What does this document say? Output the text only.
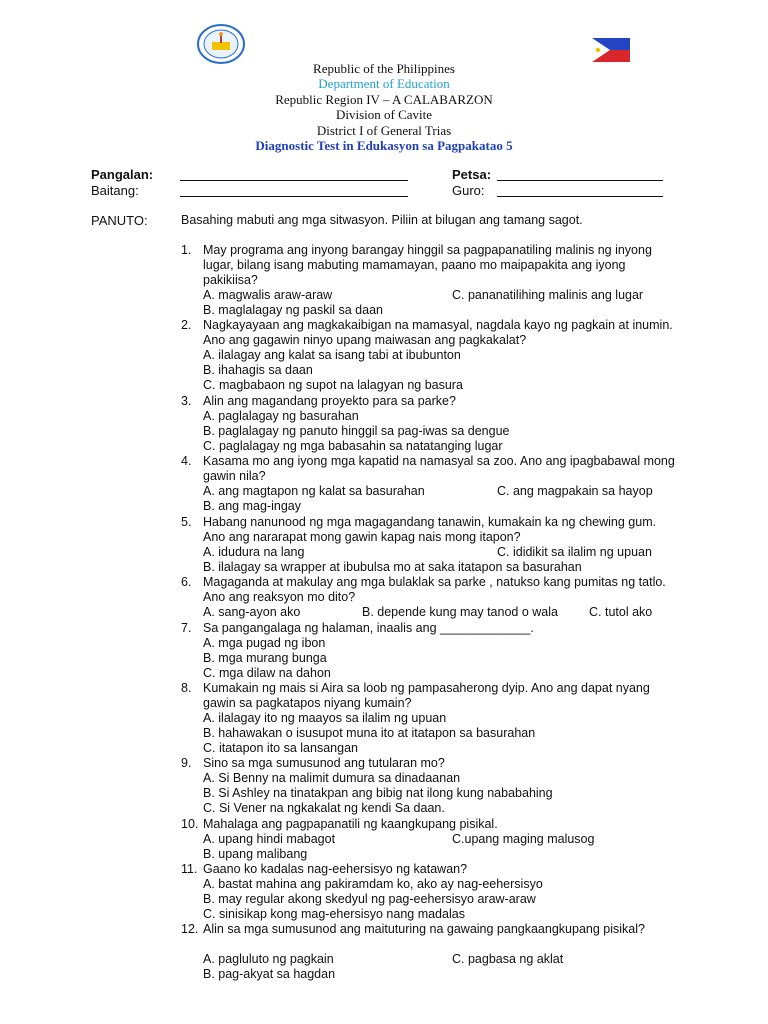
Republic of the Philippines
Department of Education
Republic Region IV – A CALABARZON
Division of Cavite
District I of General Trias
Diagnostic Test in Edukasyon sa Pagpakatao 5
Pangalan:	Petsa:
Baitang:	Guro:
PANUTO:	Basahing mabuti ang mga sitwasyon. Piliin at bilugan ang tamang sagot.
1. May programa ang inyong barangay hinggil sa pagpapanatiling malinis ng inyong lugar, bilang isang mabuting mamamayan, paano mo maipapakita ang iyong pakikiisa?
A. magwalis araw-araw	C. pananatilihing malinis ang lugar
B. maglalagay ng paskil sa daan
2. Nagkayayaan ang magkakaibigan na mamasyal, nagdala kayo ng pagkain at inumin. Ano ang gagawin ninyo upang maiwasan ang pagkakalat?
A. ilalagay ang kalat sa isang tabi at ibubunton
B. ihahagis sa daan
C. magbabaon ng supot na lalagyan ng basura
3. Alin ang magandang proyekto para sa parke?
A. paglalagay ng basurahan
B. paglalagay ng panuto hinggil sa pag-iwas sa dengue
C. paglalagay ng mga babasahin sa natatanging lugar
4. Kasama mo ang iyong mga kapatid na namasyal sa zoo. Ano ang ipagbabawal mong gawin nila?
A. ang magtapon ng kalat sa basurahan	C. ang magpakain sa hayop
B. ang mag-ingay
5. Habang nanunood ng mga magagandang tanawin, kumakain ka ng chewing gum. Ano ang nararapat mong gawin kapag nais mong itapon?
A. idudura na lang	C. ididikit sa ilalim ng upuan
B. ilalagay sa wrapper at ibubulsa mo at saka itatapon sa basurahan
6. Magaganda at makulay ang mga bulaklak sa parke , natukso kang pumitas ng tatlo. Ano ang reaksyon mo dito?
A. sang-ayon ako	B. depende kung may tanod o wala C. tutol ako
7. Sa pangangalaga ng halaman, inaalis ang _____________.
A. mga pugad ng ibon
B. mga murang bunga
C. mga dilaw na dahon
8. Kumakain ng mais si Aira sa loob ng pampasaherong dyip. Ano ang dapat nyang gawin sa pagkatapos niyang kumain?
A. ilalagay ito ng maayos sa ilalim ng upuan
B. hahawakan o isusupot muna ito at itatapon sa basurahan
C. itatapon ito sa lansangan
9. Sino sa mga sumusunod ang tutularan mo?
A. Si Benny na malimit dumura sa dinadaanan
B. Si Ashley na tinatakpan ang bibig nat ilong kung nababahing
C. Si Vener na ngkakalat ng kendi Sa daan.
10. Mahalaga ang pagpapanatili ng kaangkupang pisikal.
A. upang hindi mabagot	C.upang maging malusog
B. upang malibang
11. Gaano ko kadalas nag-eehersisyo ng katawan?
A. bastat mahina ang pakiramdam ko, ako ay nag-eehersisyo
B. may regular akong skedyul ng pag-eehersisyo araw-araw
C. sinisikap kong mag-ehersisyo nang madalas
12. Alin sa mga sumusunod ang maituturing na gawaing pangkaangkupang pisikal?
A. pagluluto ng pagkain	C. pagbasa ng aklat
B. pag-akyat sa hagdan
